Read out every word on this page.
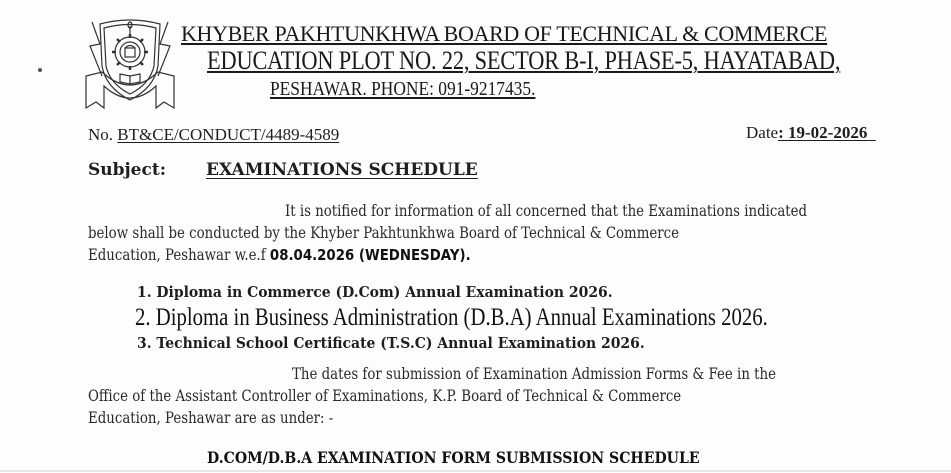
KHYBER PAKHTUNKHWA BOARD OF TECHNICAL & COMMERCE
EDUCATION PLOT NO. 22, SECTOR B-I, PHASE-5, HAYATABAD,
PESHAWAR. PHONE: 091-9217435.
No. BT&CE/CONDUCT/4489-4589	Date: 19-02-2026
Subject: EXAMINATIONS SCHEDULE
It is notified for information of all concerned that the Examinations indicated
below shall be conducted by the Khyber Pakhtunkhwa Board of Technical & Commerce
Education, Peshawar w.e.f 08.04.2026 (WEDNESDAY).
1. Diploma in Commerce (D.Com) Annual Examination 2026.
2. Diploma in Business Administration (D.B.A) Annual Examinations 2026.
3. Technical School Certificate (T.S.C) Annual Examination 2026.
The dates for submission of Examination Admission Forms & Fee in the
Office of the Assistant Controller of Examinations, K.P. Board of Technical & Commerce
Education, Peshawar are as under: -
D.COM/D.B.A EXAMINATION FORM SUBMISSION SCHEDULE
